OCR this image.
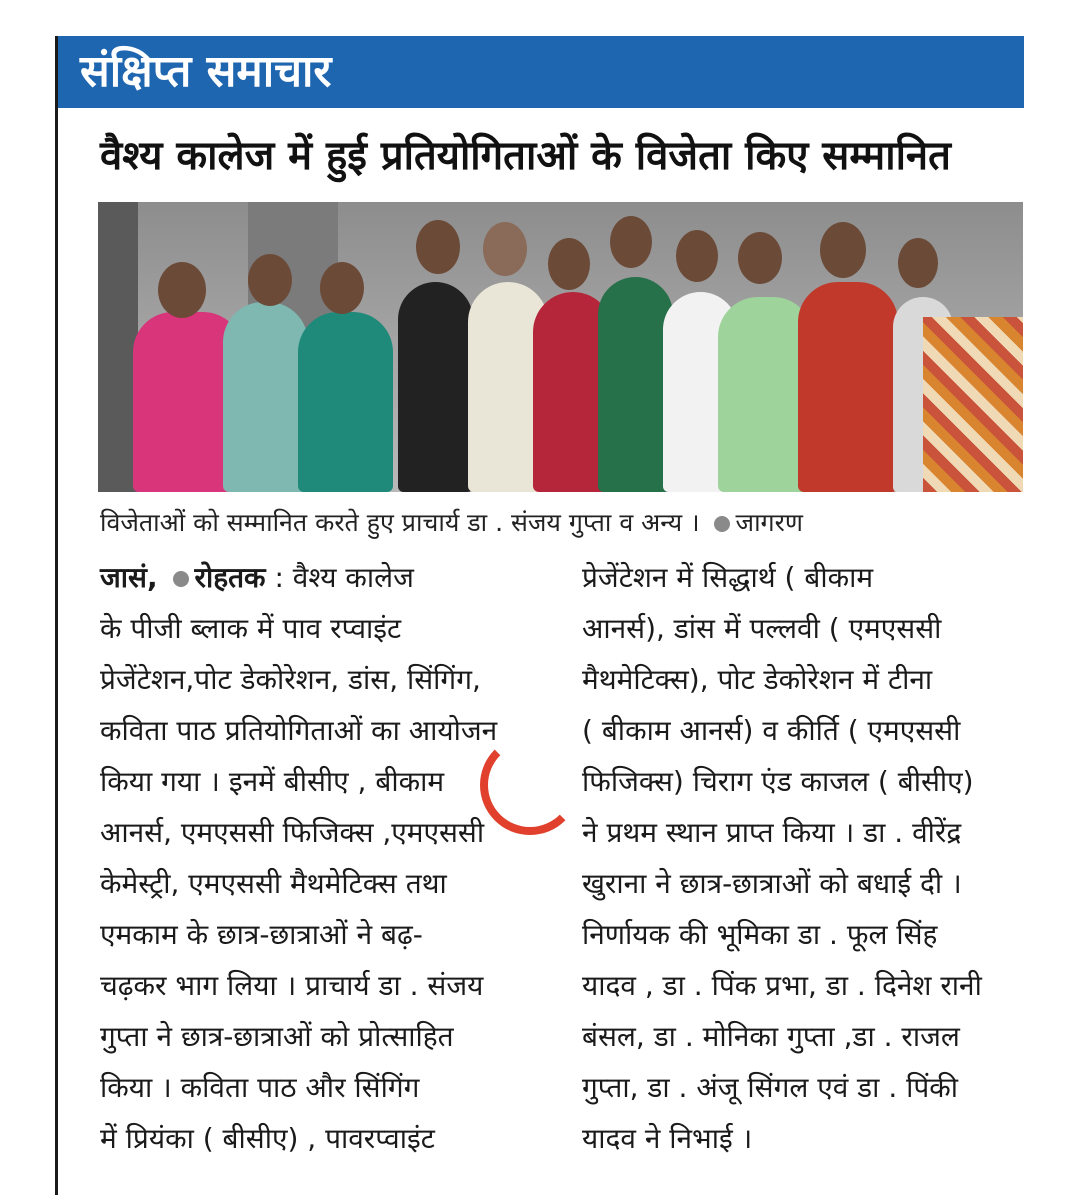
संक्षिप्त समाचार
वैश्य कालेज में हुई प्रतियोगिताओं के विजेता किए सम्मानित
विजेताओं को सम्मानित करते हुए प्राचार्य डा . संजय गुप्ता व अन्य । जागरण
जासं, रोहतक : वैश्य कालेज
के पीजी ब्लाक में पाव रप्वाइंट
प्रेजेंटेशन,पोट डेकोरेशन, डांस, सिंगिंग,
कविता पाठ प्रतियोगिताओं का आयोजन
किया गया । इनमें बीसीए , बीकाम
आनर्स, एमएससी फिजिक्स ,एमएससी
केमेस्ट्री, एमएससी मैथमेटिक्स तथा
एमकाम के छात्र-छात्राओं ने बढ़-
चढ़कर भाग लिया । प्राचार्य डा . संजय
गुप्ता ने छात्र-छात्राओं को प्रोत्साहित
किया । कविता पाठ और सिंगिंग
में प्रियंका ( बीसीए) , पावरप्वाइंट
प्रेजेंटेशन में सिद्धार्थ ( बीकाम
आनर्स), डांस में पल्लवी ( एमएससी
मैथमेटिक्स), पोट डेकोरेशन में टीना
( बीकाम आनर्स) व कीर्ति ( एमएससी
फिजिक्स) चिराग एंड काजल ( बीसीए)
ने प्रथम स्थान प्राप्त किया । डा . वीरेंद्र
खुराना ने छात्र-छात्राओं को बधाई दी ।
निर्णायक की भूमिका डा . फूल सिंह
यादव , डा . पिंक प्रभा, डा . दिनेश रानी
बंसल, डा . मोनिका गुप्ता ,डा . राजल
गुप्ता, डा . अंजू सिंगल एवं डा . पिंकी
यादव ने निभाई ।
